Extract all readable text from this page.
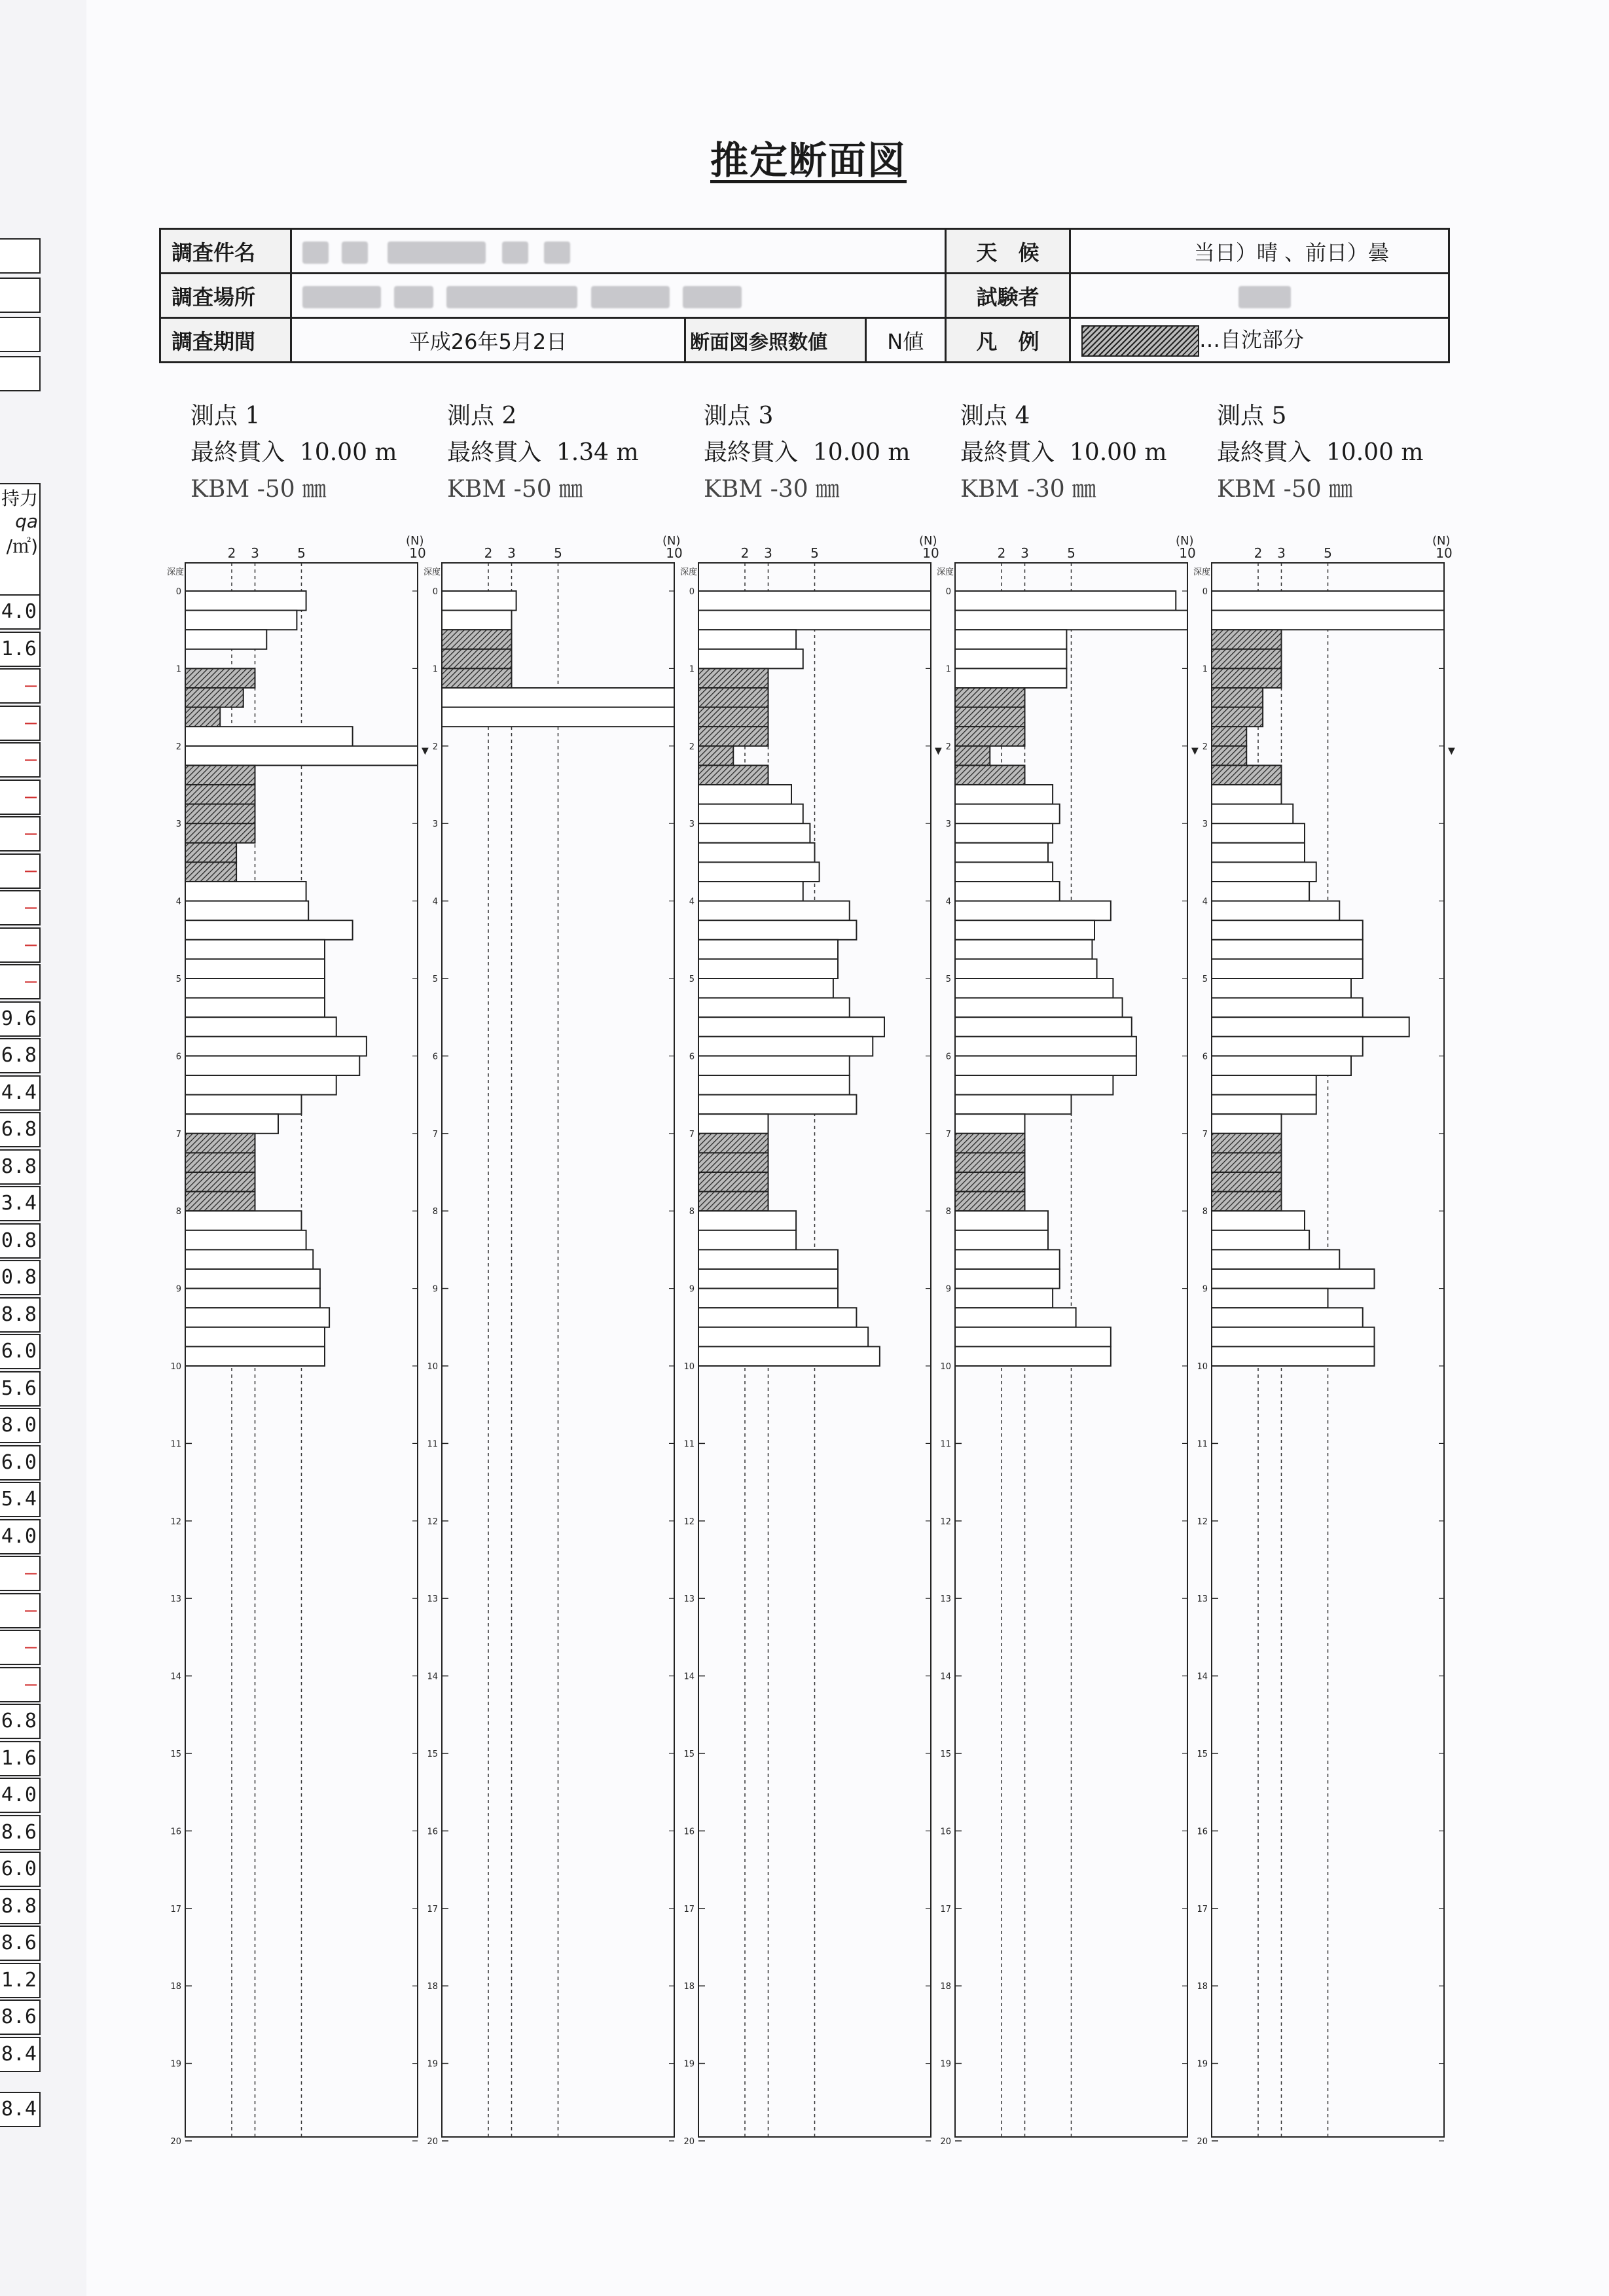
持力
qa
/㎡)
4.0
1.6
–
–
–
–
–
–
–
–
–
9.6
6.8
4.4
6.8
8.8
3.4
0.8
0.8
8.8
6.0
5.6
8.0
6.0
5.4
4.0
–
–
–
–
6.8
1.6
4.0
8.6
6.0
8.8
8.6
1.2
8.6
8.4
8.4
推定断面図
調査件名				天　候	当日）晴 、前日）曇
調査場所				試験者	
調査期間	平成26年5月2日	断面図参照数値	N値	凡　例	…自沈部分
測点 1
最終貫入 10.00 m
KBM -50 ㎜
2 3	5	10
(N)
深度
0
1
2
3
4
5
6
7
8
9
10
11
12
13
14
15
16
17
18
19
20
▼
測点 2
最終貫入 1.34 m
KBM -50 ㎜
2 3	5	10
(N)
深度
0
1
2
3
4
5
6
7
8
9
10
11
12
13
14
15
16
17
18
19
20
測点 3
最終貫入 10.00 m
KBM -30 ㎜
2 3	5	10
(N)
深度
0
1
2
3
4
5
6
7
8
9
10
11
12
13
14
15
16
17
18
19
20
▼
測点 4
最終貫入 10.00 m
KBM -30 ㎜
2 3	5	10
(N)
深度
0
1
2
3
4
5
6
7
8
9
10
11
12
13
14
15
16
17
18
19
20
▼
測点 5
最終貫入 10.00 m
KBM -50 ㎜
2 3	5	10
(N)
深度
0
1
2
3
4
5
6
7
8
9
10
11
12
13
14
15
16
17
18
19
20
▼
